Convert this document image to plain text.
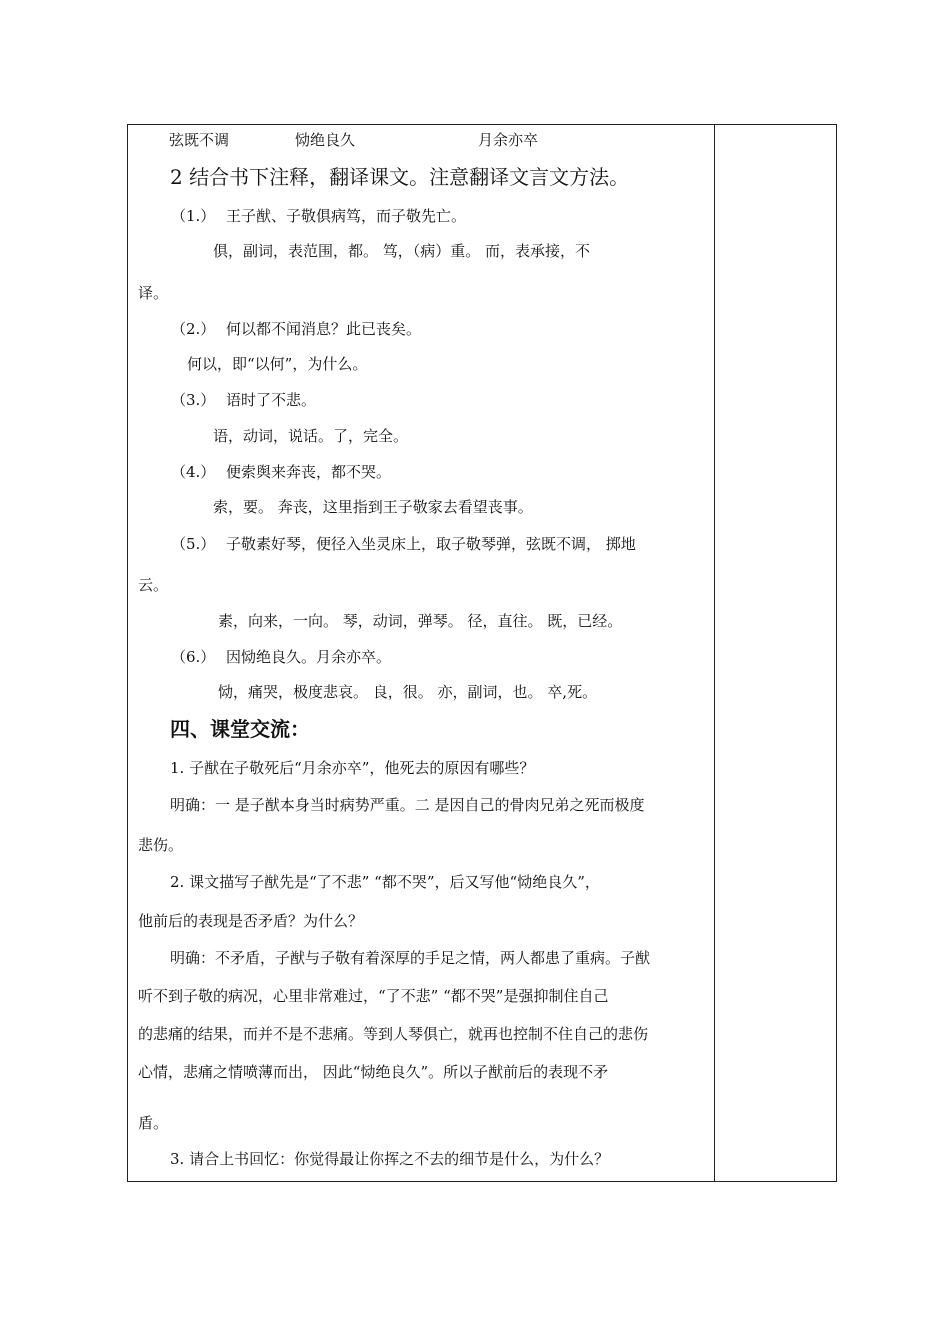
弦既不调	恸绝良久	月余亦卒
2 结合书下注释，翻译课文。注意翻译文言文方法。
（1.） 王子猷、子敬俱病笃，而子敬先亡。
俱，副词，表范围，都。 笃，（病）重。 而，表承接，不
译。
（2.） 何以都不闻消息？此已丧矣。
何以，即“以何”，为什么。
（3.） 语时了不悲。
语，动词，说话。了，完全。
（4.） 便索舆来奔丧，都不哭。
索，要。 奔丧，这里指到王子敬家去看望丧事。
（5.） 子敬素好琴，便径入坐灵床上，取子敬琴弹，弦既不调， 掷地
云。
素，向来，一向。 琴，动词，弹琴。 径，直往。 既，已经。
（6.） 因恸绝良久。月余亦卒。
恸，痛哭，极度悲哀。 良，很。 亦，副词，也。 卒,死。
四、课堂交流：
1. 子猷在子敬死后“月余亦卒”，他死去的原因有哪些？
明确：一 是子猷本身当时病势严重。二 是因自己的骨肉兄弟之死而极度
悲伤。
2. 课文描写子猷先是“了不悲” “都不哭”，后又写他“恸绝良久”，
他前后的表现是否矛盾？为什么？
明确：不矛盾，子猷与子敬有着深厚的手足之情，两人都患了重病。子猷
听不到子敬的病况，心里非常难过，“了不悲” “都不哭”是强抑制住自己
的悲痛的结果，而并不是不悲痛。等到人琴俱亡，就再也控制不住自己的悲伤
心情，悲痛之情喷薄而出， 因此“恸绝良久”。所以子猷前后的表现不矛
盾。
3. 请合上书回忆：你觉得最让你挥之不去的细节是什么，为什么？
